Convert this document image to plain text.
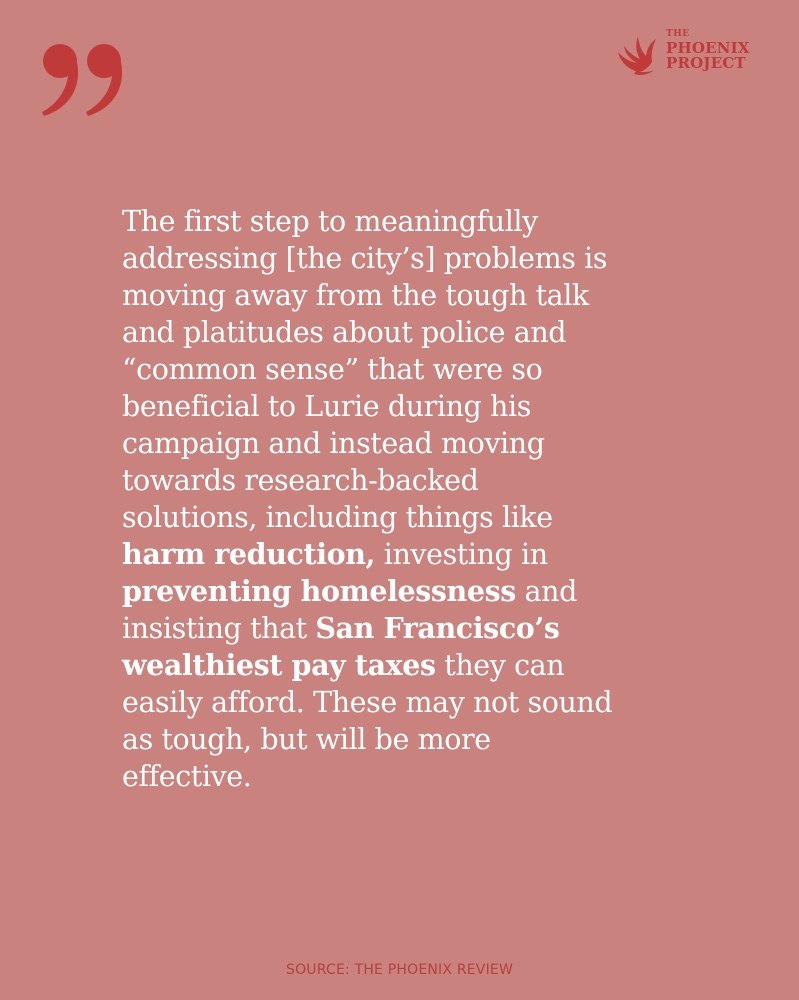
THE
PHOENIX
PROJECT
The first step to meaningfully
addressing [the city’s] problems is
moving away from the tough talk
and platitudes about police and
“common sense” that were so
beneficial to Lurie during his
campaign and instead moving
towards research-backed
solutions, including things like
harm reduction, investing in
preventing homelessness and
insisting that San Francisco’s
wealthiest pay taxes they can
easily afford. These may not sound
as tough, but will be more
effective.
SOURCE: THE PHOENIX REVIEW
